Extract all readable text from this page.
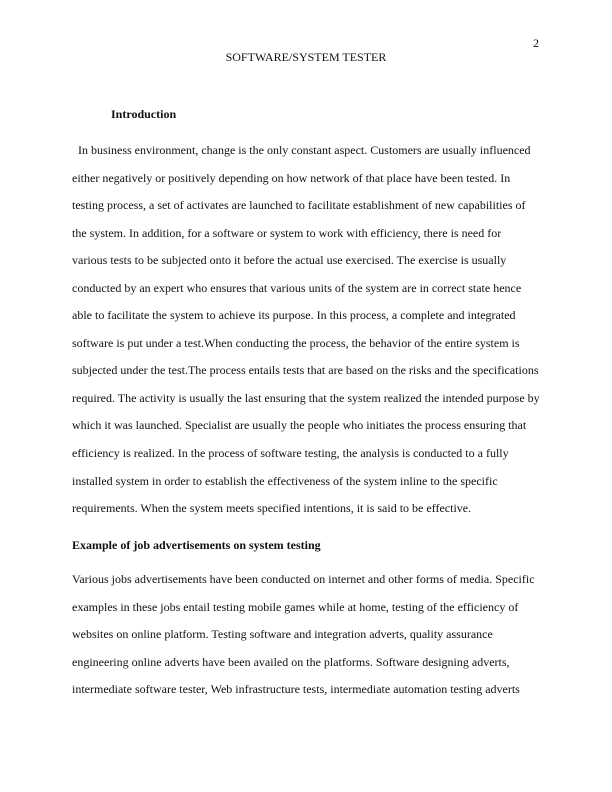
2
SOFTWARE/SYSTEM TESTER
Introduction
In business environment, change is the only constant aspect. Customers are usually influenced
either negatively or positively depending on how network of that place have been tested. In
testing process, a set of activates are launched to facilitate establishment of new capabilities of
the system. In addition, for a software or system to work with efficiency, there is need for
various tests to be subjected onto it before the actual use exercised. The exercise is usually
conducted by an expert who ensures that various units of the system are in correct state hence
able to facilitate the system to achieve its purpose. In this process, a complete and integrated
software is put under a test.When conducting the process, the behavior of the entire system is
subjected under the test.The process entails tests that are based on the risks and the specifications
required. The activity is usually the last ensuring that the system realized the intended purpose by
which it was launched. Specialist are usually the people who initiates the process ensuring that
efficiency is realized. In the process of software testing, the analysis is conducted to a fully
installed system in order to establish the effectiveness of the system inline to the specific
requirements. When the system meets specified intentions, it is said to be effective.
Example of job advertisements on system testing
Various jobs advertisements have been conducted on internet and other forms of media. Specific
examples in these jobs entail testing mobile games while at home, testing of the efficiency of
websites on online platform. Testing software and integration adverts, quality assurance
engineering online adverts have been availed on the platforms. Software designing adverts,
intermediate software tester, Web infrastructure tests, intermediate automation testing adverts
